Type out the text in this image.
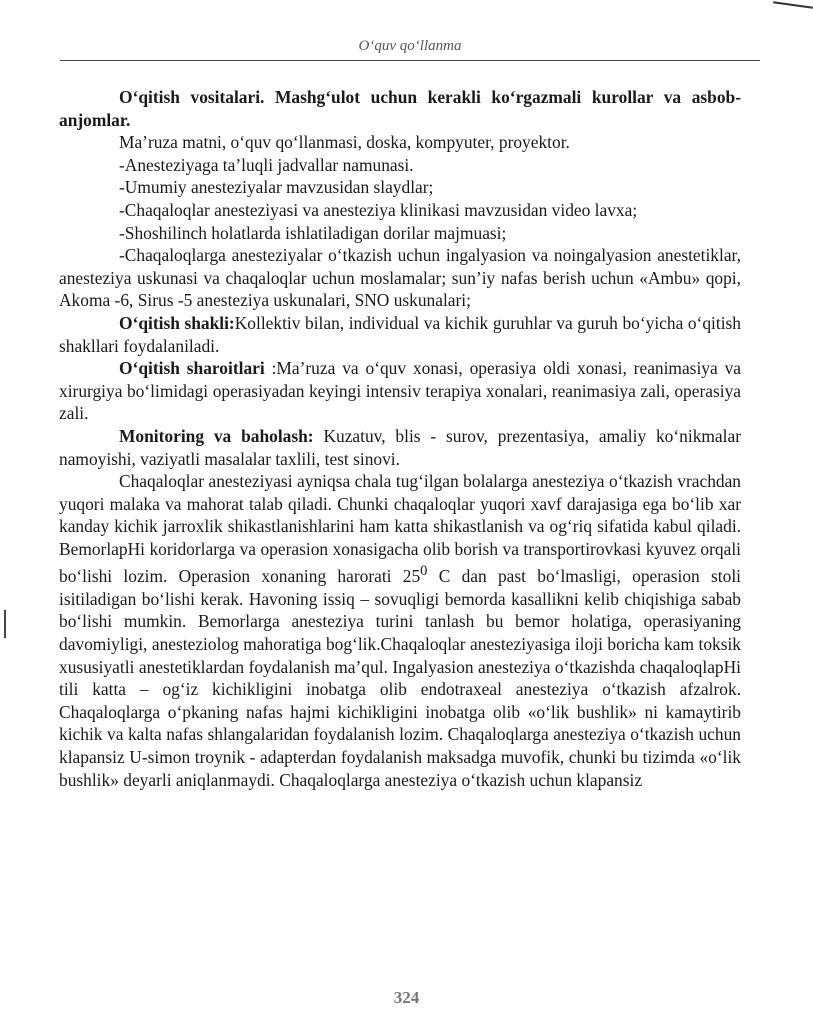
O‘quv qo‘llanma

O‘qitish vositalari. Mashg‘ulot uchun kerakli ko‘rgazmali kurollar va asbob-anjomlar.

Ma’ruza matni, o‘quv qo‘llanmasi, doska, kompyuter, proyektor.

-Anesteziyaga ta’luqli jadvallar namunasi.

-Umumiy anesteziyalar mavzusidan slaydlar;

-Chaqaloqlar anesteziyasi va anesteziya klinikasi mavzusidan video lavxa;

-Shoshilinch holatlarda ishlatiladigan dorilar majmuasi;

-Chaqaloqlarga anesteziyalar o‘tkazish uchun ingalyasion va noingalyasion anestetiklar, anesteziya uskunasi va chaqaloqlar uchun moslamalar; sun’iy nafas berish uchun «Ambu» qopi, Akoma -6, Sirus -5 anesteziya uskunalari, SNO uskunalari;

O‘qitish shakli:Kollektiv bilan, individual va kichik guruhlar va guruh bo‘yicha o‘qitish shakllari foydalaniladi.

O‘qitish sharoitlari :Ma’ruza va o‘quv xonasi, operasiya oldi xonasi, reanimasiya va xirurgiya bo‘limidagi operasiyadan keyingi intensiv terapiya xonalari, reanimasiya zali, operasiya zali.

Monitoring va baholash: Kuzatuv, blis - surov, prezentasiya, amaliy ko‘nikmalar namoyishi, vaziyatli masalalar taxlili, test sinovi.

Chaqaloqlar anesteziyasi ayniqsa chala tug‘ilgan bolalarga anesteziya o‘tkazish vrachdan yuqori malaka va mahorat talab qiladi. Chunki chaqaloqlar yuqori xavf darajasiga ega bo‘lib xar kanday kichik jarroxlik shikastlanishlarini ham katta shikastlanish va og‘riq sifatida kabul qiladi. BemorlapHi koridorlarga va operasion xonasigacha olib borish va transportirovkasi kyuvez orqali bo‘lishi lozim. Operasion xonaning harorati $25^0$ C dan past bo‘lmasligi, operasion stoli isitiladigan bo‘lishi kerak. Havoning issiq – sovuqligi bemorda kasallikni kelib chiqishiga sabab bo‘lishi mumkin. Bemorlarga anesteziya turini tanlash bu bemor holatiga, operasiyaning davomiyligi, anesteziolog mahoratiga bog‘lik.Chaqaloqlar anesteziyasiga iloji boricha kam toksik xususiyatli anestetiklardan foydalanish ma’qul. Ingalyasion anesteziya o‘tkazishda chaqaloqlapHi tili katta – og‘iz kichikligini inobatga olib endotraxeal anesteziya o‘tkazish afzalrok. Chaqaloqlarga o‘pkaning nafas hajmi kichikligini inobatga olib «o‘lik bushlik» ni kamaytirib kichik va kalta nafas shlangalaridan foydalanish lozim. Chaqaloqlarga anesteziya o‘tkazish uchun klapansiz U-simon troynik - adapterdan foydalanish maksadga muvofik, chunki bu tizimda «o‘lik bushlik» deyarli aniqlanmaydi. Chaqaloqlarga anesteziya o‘tkazish uchun klapansiz

324
